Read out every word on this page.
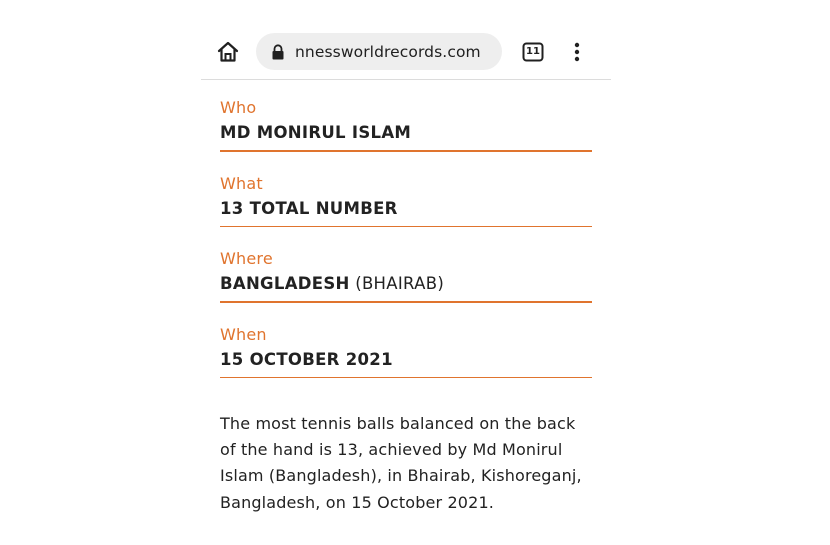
nnessworldrecords.com	11
Who
MD MONIRUL ISLAM
What
13 TOTAL NUMBER
Where
BANGLADESH (BHAIRAB)
When
15 OCTOBER 2021

The most tennis balls balanced on the back of the hand is 13, achieved by Md Monirul Islam (Bangladesh), in Bhairab, Kishoreganj, Bangladesh, on 15 October 2021.
